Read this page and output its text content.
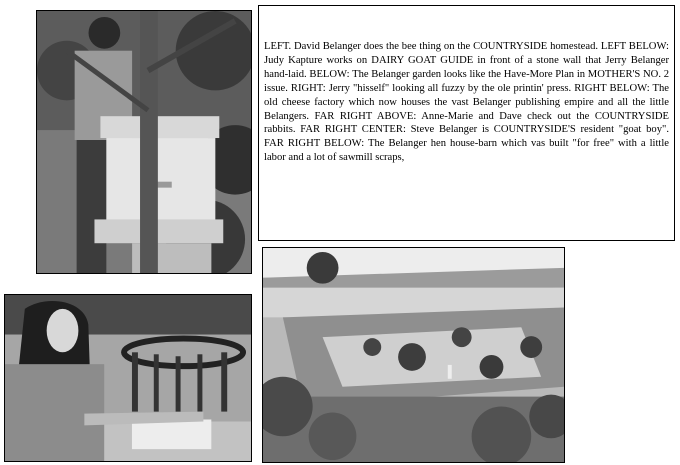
LEFT. David Belanger does the bee thing on the COUNTRYSIDE homestead. LEFT BELOW: Judy Kapture works on DAIRY GOAT GUIDE in front of a stone wall that Jerry Belanger hand-laid. BELOW: The Belanger garden looks like the Have-More Plan in MOTHER'S NO. 2 issue. RIGHT: Jerry "hisself" looking all fuzzy by the ole printin' press. RIGHT BELOW: The old cheese factory which now houses the vast Belanger publishing empire and all the little Belangers. FAR RIGHT ABOVE: Anne-Marie and Dave check out the COUNTRYSIDE rabbits. FAR RIGHT CENTER: Steve Belanger is COUNTRYSIDE'S resident "goat boy". FAR RIGHT BELOW: The Belanger hen house-barn which vas built "for free" with a little labor and a lot of sawmill scraps,
